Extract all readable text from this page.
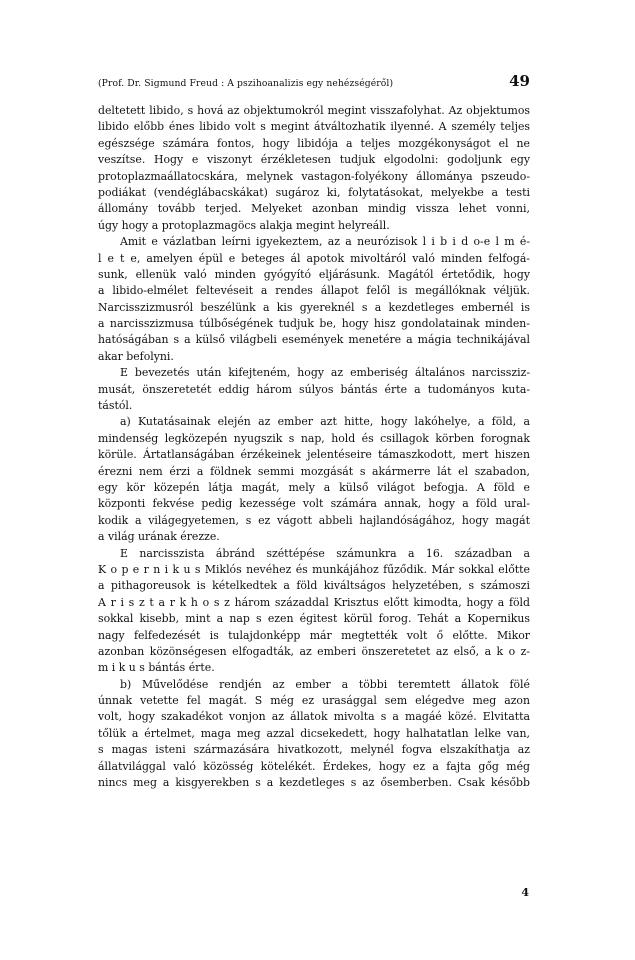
(Prof. Dr. Sigmund Freud : A pszihoanalizis egy nehézségéről)	49
deltetett libido, s hová az objektumokról megint visszafolyhat. Az objektumos
libido előbb énes libido volt s megint átváltozhatik ilyenné. A személy teljes
egészsége számára fontos, hogy libidója a teljes mozgékonyságot el ne
veszítse. Hogy e viszonyt érzékletesen tudjuk elgodolni: godoljunk egy
protoplazmaállatocskára, melynek vastagon-folyékony állománya pszeudo-
podiákat (vendéglábacskákat) sugároz ki, folytatásokat, melyekbe a testi
állomány tovább terjed. Melyeket azonban mindig vissza lehet vonni,
úgy hogy a protoplazmagöcs alakja megint helyreáll.
Amit e vázlatban leírni igyekeztem, az a neurózisok l i b i d o-e l m é-
l e t e, amelyen épül e beteges ál apotok mivoltáról való minden felfogá-
sunk, ellenük való minden gyógyító eljárásunk. Magától értetődik, hogy
a libido-elmélet feltevéseit a rendes állapot felől is megállóknak véljük.
Narcisszizmusról beszélünk a kis gyereknél s a kezdetleges embernél is
a narcisszizmusa túlbőségének tudjuk be, hogy hisz gondolatainak minden-
hatóságában s a külső világbeli események menetére a mágia technikájával
akar befolyni.
E bevezetés után kifejteném, hogy az emberiség általános narcissziz-
musát, önszeretetét eddig három súlyos bántás érte a tudományos kuta-
tástól.
a) Kutatásainak elején az ember azt hitte, hogy lakóhelye, a föld, a
mindenség legközepén nyugszik s nap, hold és csillagok körben forognak
körüle. Ártatlanságában érzékeinek jelentéseire támaszkodott, mert hiszen
érezni nem érzi a földnek semmi mozgását s akármerre lát el szabadon,
egy kör közepén látja magát, mely a külső világot befogja. A föld e
központi fekvése pedig kezessége volt számára annak, hogy a föld ural-
kodik a világegyetemen, s ez vágott abbeli hajlandóságához, hogy magát
a világ urának érezze.
E narcisszista ábránd széttépése számunkra a 16. században a
K o p e r n i k u s Miklós nevéhez és munkájához fűződik. Már sokkal előtte
a pithagoreusok is kételkedtek a föld kiváltságos helyzetében, s számoszi
A r i s z t a r k h o s z három századdal Krisztus előtt kimodta, hogy a föld
sokkal kisebb, mint a nap s ezen égitest körül forog. Tehát a Kopernikus
nagy felfedezését is tulajdonképp már megtették volt ő előtte. Mikor
azonban közönségesen elfogadták, az emberi önszeretetet az első, a k o z-
m i k u s bántás érte.
b) Művelődése rendjén az ember a többi teremtett állatok fölé
únnak vetette fel magát. S még ez urasággal sem elégedve meg azon
volt, hogy szakadékot vonjon az állatok mivolta s a magáé közé. Elvitatta
tőlük a értelmet, maga meg azzal dicsekedett, hogy halhatatlan lelke van,
s magas isteni származására hivatkozott, melynél fogva elszakíthatja az
állatvilággal való közösség kötelékét. Érdekes, hogy ez a fajta gőg még
nincs meg a kisgyerekben s a kezdetleges s az ősemberben. Csak később
4
